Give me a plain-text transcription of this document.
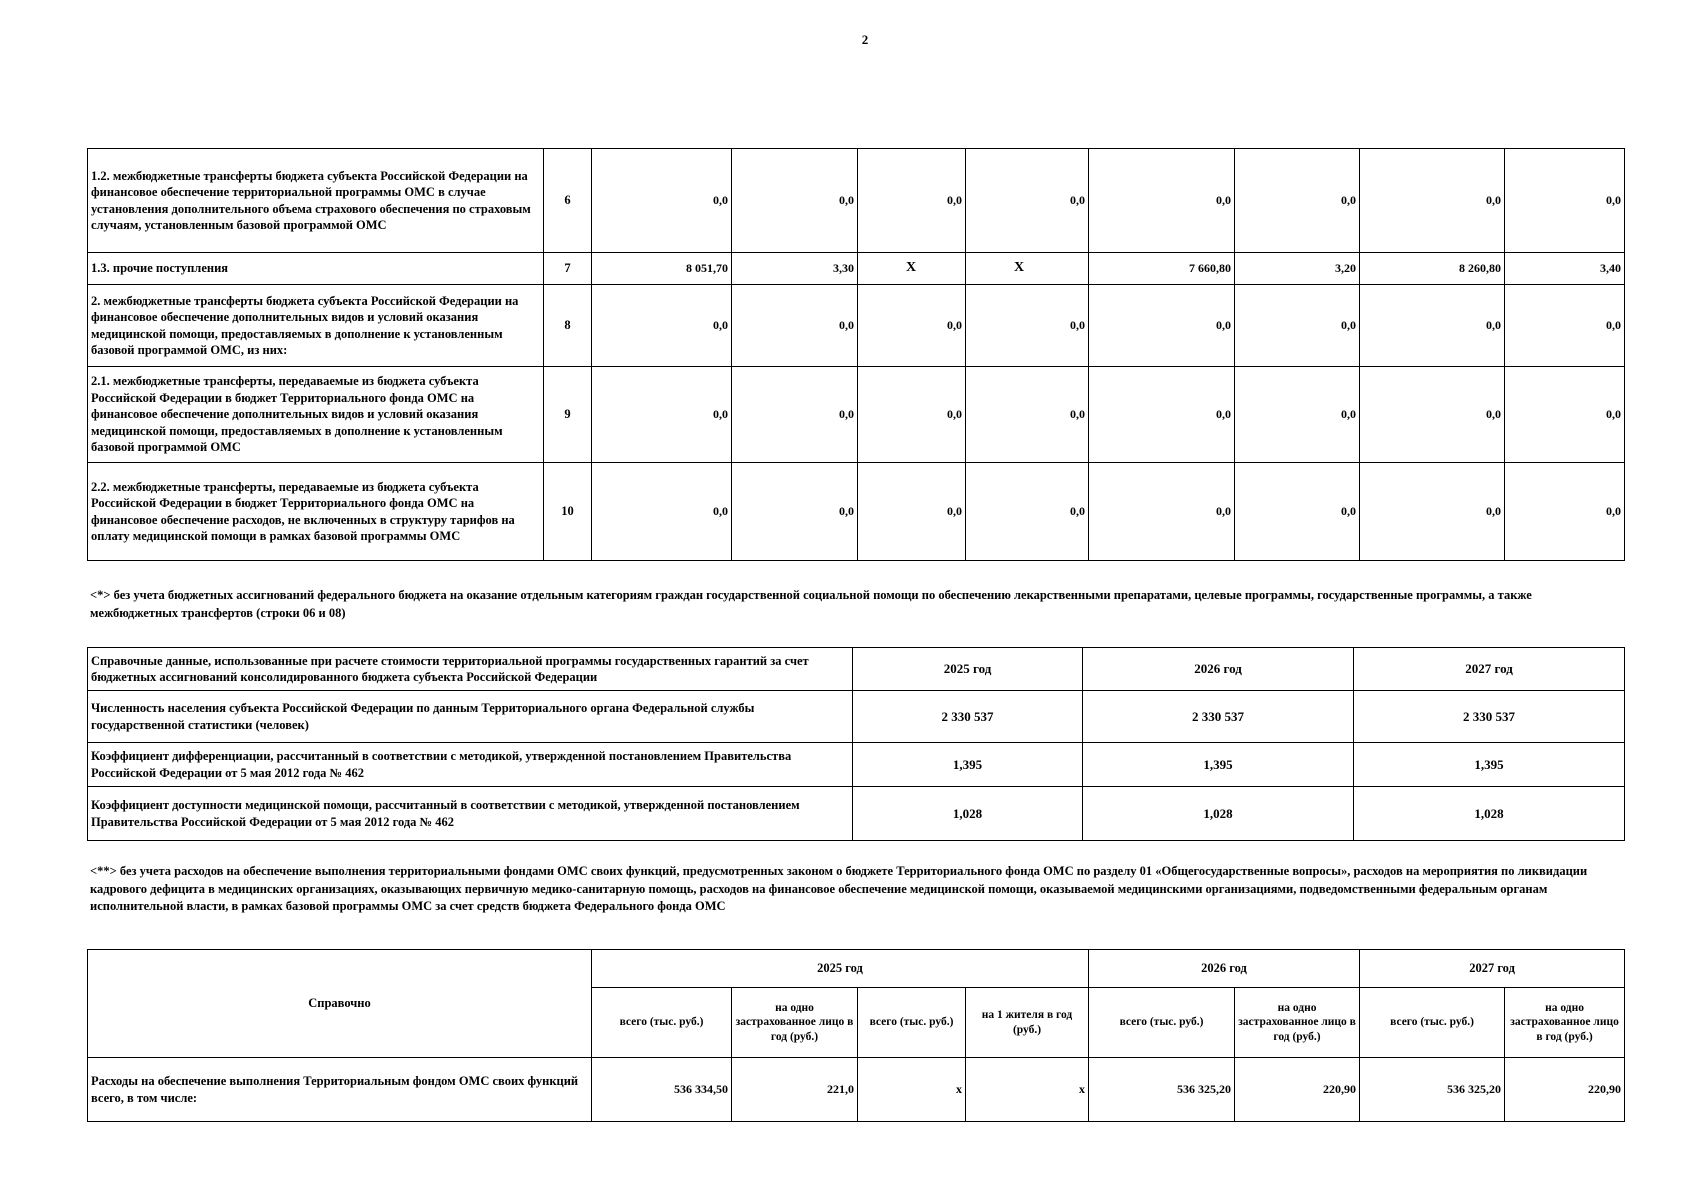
2
1.2. межбюджетные трансферты бюджета субъекта Российской Федерации на финансовое обеспечение территориальной программы ОМС в случае установления дополнительного объема страхового обеспечения по страховым случаям, установленным базовой программой ОМС	6	0,0	0,0	0,0	0,0	0,0	0,0	0,0	0,0
1.3. прочие поступления	7	8 051,70	3,30	X	X	7 660,80	3,20	8 260,80	3,40
2. межбюджетные трансферты бюджета субъекта Российской Федерации на финансовое обеспечение дополнительных видов и условий оказания медицинской помощи, предоставляемых в дополнение к установленным базовой программой ОМС, из них:	8	0,0	0,0	0,0	0,0	0,0	0,0	0,0	0,0
2.1. межбюджетные трансферты, передаваемые из бюджета субъекта Российской Федерации в бюджет Территориального фонда ОМС на финансовое обеспечение дополнительных видов и условий оказания медицинской помощи, предоставляемых в дополнение к установленным базовой программой ОМС	9	0,0	0,0	0,0	0,0	0,0	0,0	0,0	0,0
2.2. межбюджетные трансферты, передаваемые из бюджета субъекта Российской Федерации в бюджет Территориального фонда ОМС на финансовое обеспечение расходов, не включенных в структуру тарифов на оплату медицинской помощи в рамках базовой программы ОМС	10	0,0	0,0	0,0	0,0	0,0	0,0	0,0	0,0
<*> без учета бюджетных ассигнований федерального бюджета на оказание отдельным категориям граждан государственной социальной помощи по обеспечению лекарственными препаратами, целевые программы, государственные программы, а также межбюджетных трансфертов (строки 06 и 08)
Справочные данные, использованные при расчете стоимости территориальной программы государственных гарантий за счет бюджетных ассигнований консолидированного бюджета субъекта Российской Федерации	2025 год	2026 год	2027 год
Численность населения субъекта Российской Федерации по данным Территориального органа Федеральной службы государственной статистики (человек)	2 330 537	2 330 537	2 330 537
Коэффициент дифференциации, рассчитанный в соответствии с методикой, утвержденной постановлением Правительства Российской Федерации от 5 мая 2012 года № 462	1,395	1,395	1,395
Коэффициент доступности медицинской помощи, рассчитанный в соответствии с методикой, утвержденной постановлением Правительства Российской Федерации от 5 мая 2012 года № 462	1,028	1,028	1,028
<**> без учета расходов на обеспечение выполнения территориальными фондами ОМС своих функций, предусмотренных законом о бюджете Территориального фонда ОМС по разделу 01 «Общегосударственные вопросы», расходов на мероприятия по ликвидации кадрового дефицита в медицинских организациях, оказывающих первичную медико-санитарную помощь, расходов на финансовое обеспечение медицинской помощи, оказываемой медицинскими организациями, подведомственными федеральным органам исполнительной власти, в рамках базовой программы ОМС за счет средств бюджета Федерального фонда ОМС
Справочно	2025 год				2026 год		2027 год	
	всего (тыс. руб.)	на одно застрахованное лицо в год (руб.)	всего (тыс. руб.)	на 1 жителя в год (руб.)	всего (тыс. руб.)	на одно застрахованное лицо в год (руб.)	всего (тыс. руб.)	на одно застрахованное лицо в год (руб.)
Расходы на обеспечение выполнения Территориальным фондом ОМС своих функций всего, в том числе:	536 334,50	221,0	х	х	536 325,20	220,90	536 325,20	220,90
